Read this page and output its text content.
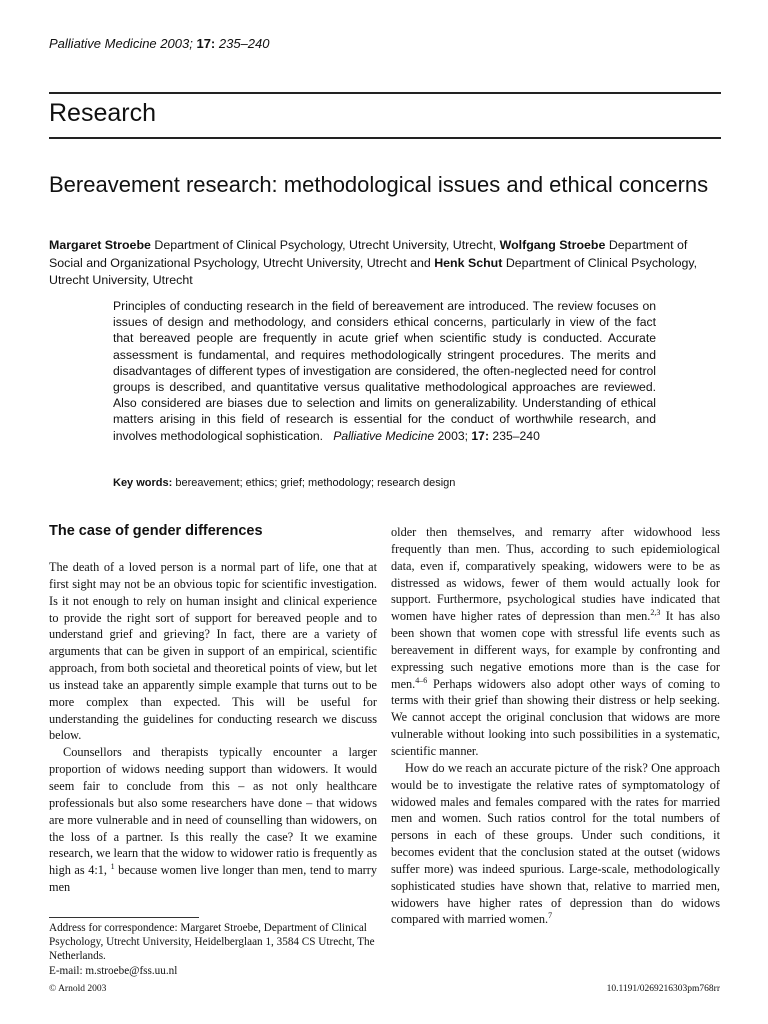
Palliative Medicine 2003; 17: 235–240
Research
Bereavement research: methodological issues and ethical concerns
Margaret Stroebe Department of Clinical Psychology, Utrecht University, Utrecht, Wolfgang Stroebe Department of Social and Organizational Psychology, Utrecht University, Utrecht and Henk Schut Department of Clinical Psychology, Utrecht University, Utrecht
Principles of conducting research in the field of bereavement are introduced. The review focuses on issues of design and methodology, and considers ethical concerns, particularly in view of the fact that bereaved people are frequently in acute grief when scientific study is conducted. Accurate assessment is fundamental, and requires methodologically stringent procedures. The merits and disadvantages of different types of investigation are considered, the often-neglected need for control groups is described, and quantitative versus qualitative methodological approaches are reviewed. Also considered are biases due to selection and limits on generalizability. Understanding of ethical matters arising in this field of research is essential for the conduct of worthwhile research, and involves methodological sophistication. Palliative Medicine 2003; 17: 235–240
Key words: bereavement; ethics; grief; methodology; research design
The case of gender differences

The death of a loved person is a normal part of life, one that at first sight may not be an obvious topic for scientific investigation. Is it not enough to rely on human insight and clinical experience to provide the right sort of support for bereaved people and to understand grief and grieving? In fact, there are a variety of arguments that can be given in support of an empirical, scientific approach, from both societal and theoretical points of view, but let us instead take an apparently simple example that turns out to be more complex than expected. This will be useful for understanding the guidelines for conducting research we discuss below.

Counsellors and therapists typically encounter a larger proportion of widows needing support than widowers. It would seem fair to conclude from this – as not only healthcare professionals but also some researchers have done – that widows are more vulnerable and in need of counselling than widowers, on the loss of a partner. Is this really the case? It we examine research, we learn that the widow to widower ratio is frequently as high as 4:1, $^1$ because women live longer than men, tend to marry men

older then themselves, and remarry after widowhood less frequently than men. Thus, according to such epidemiological data, even if, comparatively speaking, widowers were to be as distressed as widows, fewer of them would actually look for support. Furthermore, psychological studies have indicated that women have higher rates of depression than men.$^{2,3}$ It has also been shown that women cope with stressful life events such as bereavement in different ways, for example by confronting and expressing such negative emotions more than is the case for men.$^{4-6}$ Perhaps widowers also adopt other ways of coming to terms with their grief than showing their distress or help seeking. We cannot accept the original conclusion that widows are more vulnerable without looking into such possibilities in a systematic, scientific manner.

How do we reach an accurate picture of the risk? One approach would be to investigate the relative rates of symptomatology of widowed males and females compared with the rates for married men and women. Such ratios control for the total numbers of persons in each of these groups. Under such conditions, it becomes evident that the conclusion stated at the outset (widows suffer more) was indeed spurious. Large-scale, methodologically sophisticated studies have shown that, relative to married men, widowers have higher rates of depression than do widows compared with married women.$^7$

Address for correspondence: Margaret Stroebe, Department of Clinical Psychology, Utrecht University, Heidelberglaan 1, 3584 CS Utrecht, The Netherlands.
E-mail: m.stroebe@fss.uu.nl
© Arnold 2003	10.1191/0269216303pm768rr
